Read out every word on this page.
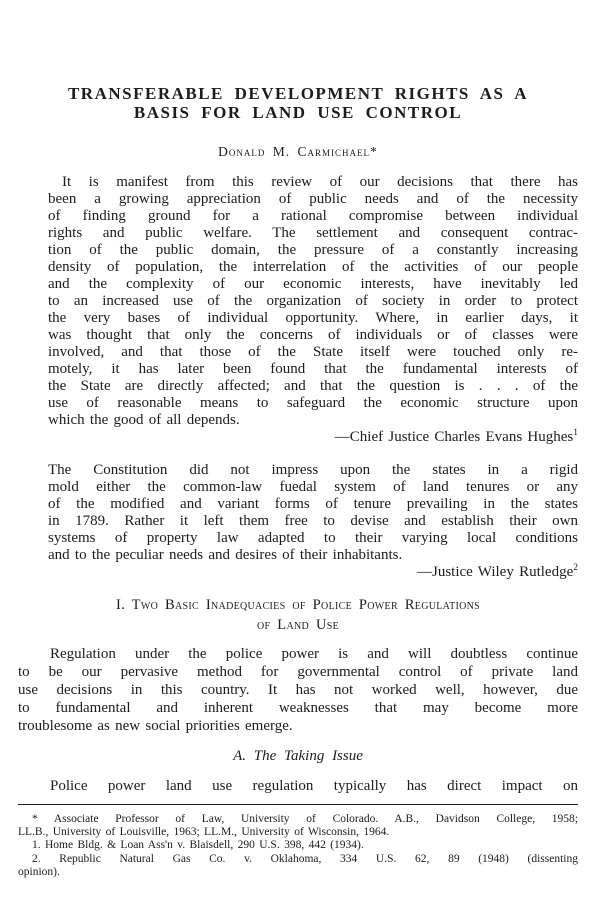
TRANSFERABLE DEVELOPMENT RIGHTS AS A
BASIS FOR LAND USE CONTROL
Donald M. Carmichael*
It is manifest from this review of our decisions that there has
been a growing appreciation of public needs and of the necessity
of finding ground for a rational compromise between individual
rights and public welfare. The settlement and consequent contrac-
tion of the public domain, the pressure of a constantly increasing
density of population, the interrelation of the activities of our people
and the complexity of our economic interests, have inevitably led
to an increased use of the organization of society in order to protect
the very bases of individual opportunity. Where, in earlier days, it
was thought that only the concerns of individuals or of classes were
involved, and that those of the State itself were touched only re-
motely, it has later been found that the fundamental interests of
the State are directly affected; and that the question is . . . of the
use of reasonable means to safeguard the economic structure upon
which the good of all depends.
—Chief Justice Charles Evans Hughes$^1$
The Constitution did not impress upon the states in a rigid
mold either the common-law fuedal system of land tenures or any
of the modified and variant forms of tenure prevailing in the states
in 1789. Rather it left them free to devise and establish their own
systems of property law adapted to their varying local conditions
and to the peculiar needs and desires of their inhabitants.
—Justice Wiley Rutledge$^2$
I. Two Basic Inadequacies of Police Power Regulations
of Land Use
Regulation under the police power is and will doubtless continue
to be our pervasive method for governmental control of private land
use decisions in this country. It has not worked well, however, due
to fundamental and inherent weaknesses that may become more
troublesome as new social priorities emerge.
A. The Taking Issue
Police power land use regulation typically has direct impact on
* Associate Professor of Law, University of Colorado. A.B., Davidson College, 1958;
LL.B., University of Louisville, 1963; LL.M., University of Wisconsin, 1964.
1. Home Bldg. & Loan Ass'n v. Blaisdell, 290 U.S. 398, 442 (1934).
2. Republic Natural Gas Co. v. Oklahoma, 334 U.S. 62, 89 (1948) (dissenting
opinion).
